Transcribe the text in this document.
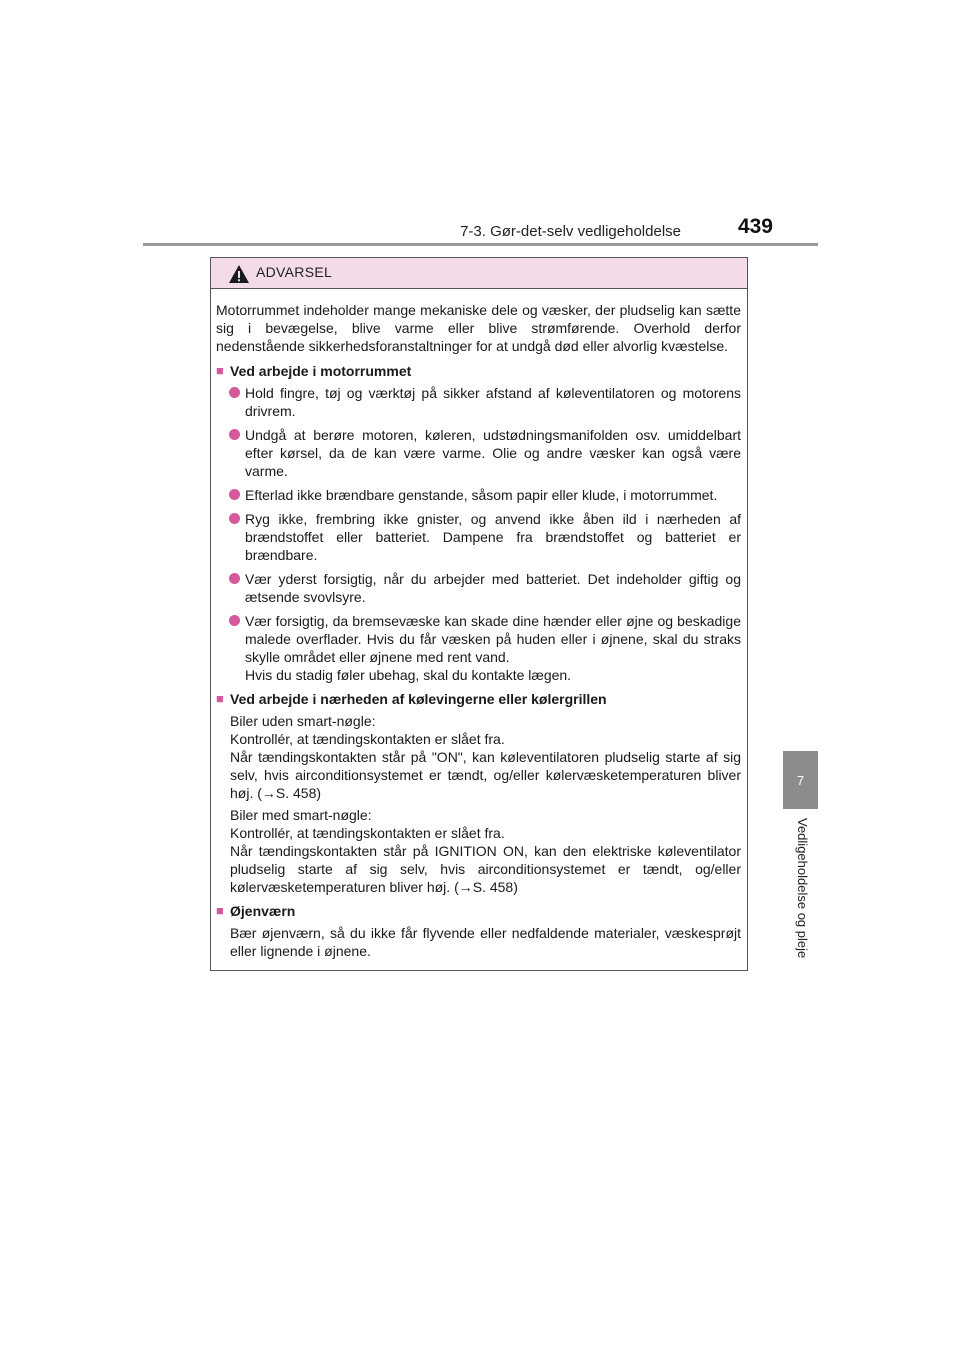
7-3. Gør-det-selv vedligeholdelse	439
7
Vedligeholdelse og pleje
ADVARSEL

Motorrummet indeholder mange mekaniske dele og væsker, der pludselig kan sætte sig i bevægelse, blive varme eller blive strømførende. Overhold derfor nedenstående sikkerhedsforanstaltninger for at undgå død eller alvorlig kvæstelse.

■ Ved arbejde i motorrummet
Hold fingre, tøj og værktøj på sikker afstand af køleventilatoren og motorens drivrem.
Undgå at berøre motoren, køleren, udstødningsmanifolden osv. umiddelbart efter kørsel, da de kan være varme. Olie og andre væsker kan også være varme.
Efterlad ikke brændbare genstande, såsom papir eller klude, i motorrummet.
Ryg ikke, frembring ikke gnister, og anvend ikke åben ild i nærheden af brændstoffet eller batteriet. Dampene fra brændstoffet og batteriet er brændbare.
Vær yderst forsigtig, når du arbejder med batteriet. Det indeholder giftig og ætsende svovlsyre.
Vær forsigtig, da bremsevæske kan skade dine hænder eller øjne og beskadige malede overflader. Hvis du får væsken på huden eller i øjnene, skal du straks skylle området eller øjnene med rent vand.
Hvis du stadig føler ubehag, skal du kontakte lægen.
■ Ved arbejde i nærheden af kølevingerne eller kølergrillen

Biler uden smart-nøgle:
Kontrollér, at tændingskontakten er slået fra.
Når tændingskontakten står på "ON", kan køleventilatoren pludselig starte af sig selv, hvis airconditionsystemet er tændt, og/eller kølervæsketemperaturen bliver høj. (→S. 458)

Biler med smart-nøgle:
Kontrollér, at tændingskontakten er slået fra.
Når tændingskontakten står på IGNITION ON, kan den elektriske køleventilator pludselig starte af sig selv, hvis airconditionsystemet er tændt, og/eller kølervæsketemperaturen bliver høj. (→S. 458)

■ Øjenværn

Bær øjenværn, så du ikke får flyvende eller nedfaldende materialer, væskesprøjt eller lignende i øjnene.
